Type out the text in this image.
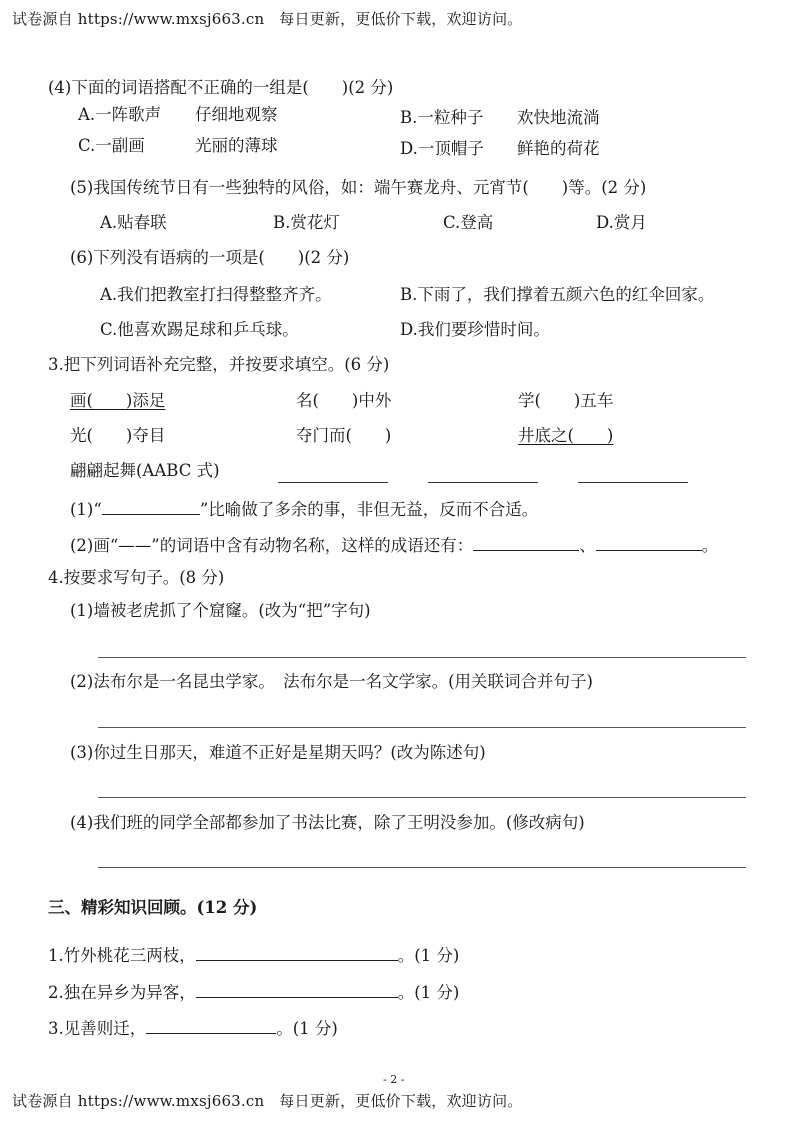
试卷源自 https://www.mxsj663.cn 每日更新，更低价下载，欢迎访问。
(4)下面的词语搭配不正确的一组是(　　)(2 分)
A.一阵歌声 仔细地观察	B.一粒种子 欢快地流淌
C.一副画	光丽的薄球	D.一顶帽子 鲜艳的荷花
(5)我国传统节日有一些独特的风俗，如：端午赛龙舟、元宵节(　　)等。(2 分)
A.贴春联	B.赏花灯	C.登高	D.赏月
(6)下列没有语病的一项是(　　)(2 分)
A.我们把教室打扫得整整齐齐。	B.下雨了，我们撑着五颜六色的红伞回家。
C.他喜欢踢足球和乒乓球。	D.我们要珍惜时间。
3.把下列词语补充完整，并按要求填空。(6 分)
画(　　)添足	名(　　)中外	学(　　)五车
光(　　)夺目	夺门而(　　)	井底之(　　)
翩翩起舞(AABC 式)
(1)“	”比喻做了多余的事，非但无益，反而不合适。
(2)画“——”的词语中含有动物名称，这样的成语还有：	、	。
4.按要求写句子。(8 分)
(1)墙被老虎抓了个窟窿。(改为“把”字句)
(2)法布尔是一名昆虫学家。　法布尔是一名文学家。(用关联词合并句子)
(3)你过生日那天，难道不正好是星期天吗？(改为陈述句)
(4)我们班的同学全部都参加了书法比赛，除了王明没参加。(修改病句)
三、精彩知识回顾。(12 分)
1.竹外桃花三两枝，	。(1 分)
2.独在异乡为异客，	。(1 分)
3.见善则迁，	。(1 分)
- 2 -
试卷源自 https://www.mxsj663.cn 每日更新，更低价下载，欢迎访问。
